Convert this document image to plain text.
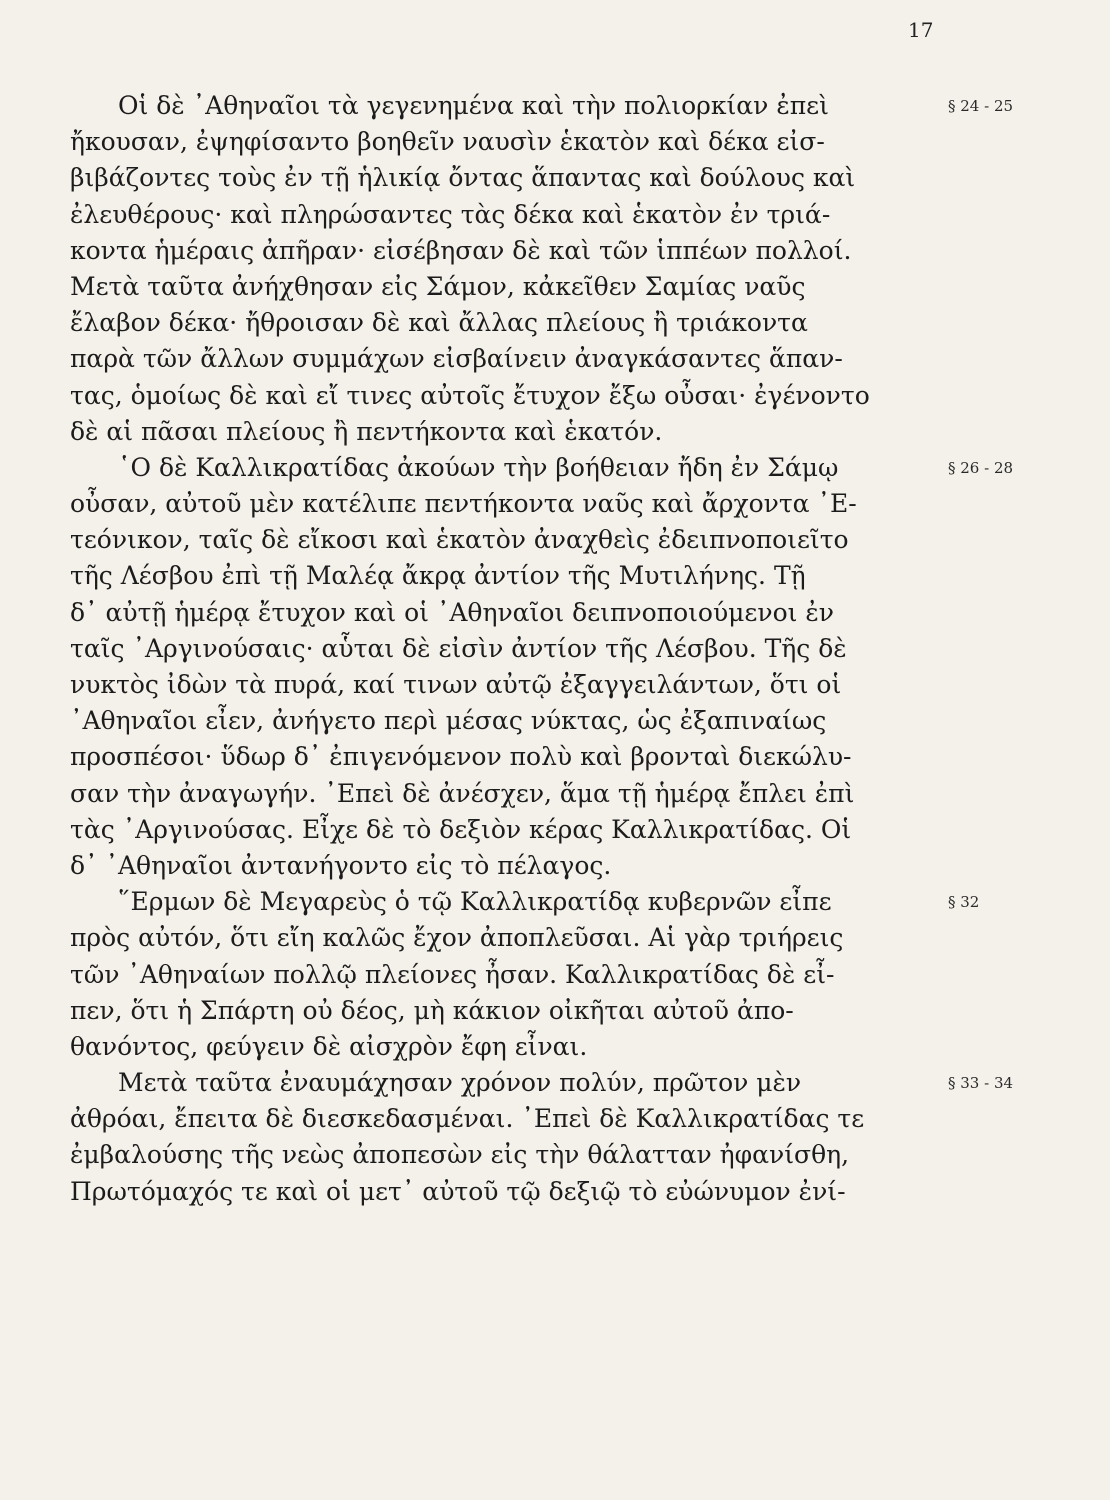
17
Οἱ δὲ ᾿Αθηναῖοι τὰ γεγενημένα καὶ τὴν πολιορκίαν ἐπεὶ	§ 24 - 25
ἤκουσαν, ἐψηφίσαντο βοηθεῖν ναυσὶν ἑκατὸν καὶ δέκα εἰσ-
βιβάζοντες τοὺς ἐν τῇ ἡλικίᾳ ὄντας ἅπαντας καὶ δούλους καὶ
ἐλευθέρους· καὶ πληρώσαντες τὰς δέκα καὶ ἑκατὸν ἐν τριά-
κοντα ἡμέραις ἀπῆραν· εἰσέβησαν δὲ καὶ τῶν ἱππέων πολλοί.
Μετὰ ταῦτα ἀνήχθησαν εἰς Σάμον, κἀκεῖθεν Σαμίας ναῦς
ἔλαβον δέκα· ἤθροισαν δὲ καὶ ἄλλας πλείους ἢ τριάκοντα
παρὰ τῶν ἄλλων συμμάχων εἰσβαίνειν ἀναγκάσαντες ἅπαν-
τας, ὁμοίως δὲ καὶ εἴ τινες αὐτοῖς ἔτυχον ἔξω οὖσαι· ἐγένοντο
δὲ αἱ πᾶσαι πλείους ἢ πεντήκοντα καὶ ἑκατόν.
῾Ο δὲ Καλλικρατίδας ἀκούων τὴν βοήθειαν ἤδη ἐν Σάμῳ	§ 26 - 28
οὖσαν, αὐτοῦ μὲν κατέλιπε πεντήκοντα ναῦς καὶ ἄρχοντα ᾿Ε-
τεόνικον, ταῖς δὲ εἴκοσι καὶ ἑκατὸν ἀναχθεὶς ἐδειπνοποιεῖτο
τῆς Λέσβου ἐπὶ τῇ Μαλέᾳ ἄκρᾳ ἀντίον τῆς Μυτιλήνης. Τῇ
δ᾿ αὐτῇ ἡμέρᾳ ἔτυχον καὶ οἱ ᾿Αθηναῖοι δειπνοποιούμενοι ἐν
ταῖς ᾿Αργινούσαις· αὗται δὲ εἰσὶν ἀντίον τῆς Λέσβου. Τῆς δὲ
νυκτὸς ἰδὼν τὰ πυρά, καί τινων αὐτῷ ἐξαγγειλάντων, ὅτι οἱ
᾿Αθηναῖοι εἶεν, ἀνήγετο περὶ μέσας νύκτας, ὡς ἐξαπιναίως
προσπέσοι· ὕδωρ δ᾿ ἐπιγενόμενον πολὺ καὶ βρονταὶ διεκώλυ-
σαν τὴν ἀναγωγήν. ᾿Επεὶ δὲ ἀνέσχεν, ἅμα τῇ ἡμέρᾳ ἔπλει ἐπὶ
τὰς ᾿Αργινούσας. Εἶχε δὲ τὸ δεξιὸν κέρας Καλλικρατίδας. Οἱ
δ᾿ ᾿Αθηναῖοι ἀντανήγοντο εἰς τὸ πέλαγος.
῞Ερμων δὲ Μεγαρεὺς ὁ τῷ Καλλικρατίδᾳ κυβερνῶν εἶπε	§ 32
πρὸς αὐτόν, ὅτι εἴη καλῶς ἔχον ἀποπλεῦσαι. Αἱ γὰρ τριήρεις
τῶν ᾿Αθηναίων πολλῷ πλείονες ἦσαν. Καλλικρατίδας δὲ εἶ-
πεν, ὅτι ἡ Σπάρτη οὐ δέος, μὴ κάκιον οἰκῆται αὐτοῦ ἀπο-
θανόντος, φεύγειν δὲ αἰσχρὸν ἔφη εἶναι.
Μετὰ ταῦτα ἐναυμάχησαν χρόνον πολύν, πρῶτον μὲν	§ 33 - 34
ἀθρόαι, ἔπειτα δὲ διεσκεδασμέναι. ᾿Επεὶ δὲ Καλλικρατίδας τε
ἐμβαλούσης τῆς νεὼς ἀποπεσὼν εἰς τὴν θάλατταν ἠφανίσθη,
Πρωτόμαχός τε καὶ οἱ μετ᾿ αὐτοῦ τῷ δεξιῷ τὸ εὐώνυμον ἐνί-
